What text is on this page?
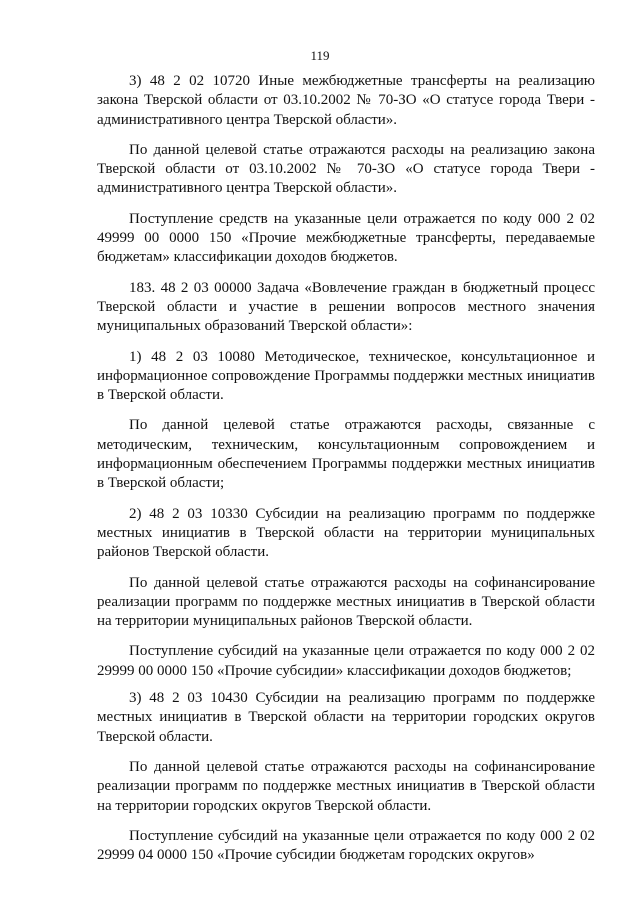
119

3) 48 2 02 10720 Иные межбюджетные трансферты на реализацию закона Тверской области от 03.10.2002 № 70-ЗО «О статусе города Твери - административного центра Тверской области».

По данной целевой статье отражаются расходы на реализацию закона Тверской области от 03.10.2002 № 70-ЗО «О статусе города Твери - административного центра Тверской области».

Поступление средств на указанные цели отражается по коду 000 2 02 49999 00 0000 150 «Прочие межбюджетные трансферты, передаваемые бюджетам» классификации доходов бюджетов.

183. 48 2 03 00000 Задача «Вовлечение граждан в бюджетный процесс Тверской области и участие в решении вопросов местного значения муниципальных образований Тверской области»:

1) 48 2 03 10080 Методическое, техническое, консультационное и информационное сопровождение Программы поддержки местных инициатив в Тверской области.

По данной целевой статье отражаются расходы, связанные с методическим, техническим, консультационным сопровождением и информационным обеспечением Программы поддержки местных инициатив в Тверской области;

2) 48 2 03 10330 Субсидии на реализацию программ по поддержке местных инициатив в Тверской области на территории муниципальных районов Тверской области.

По данной целевой статье отражаются расходы на софинансирование реализации программ по поддержке местных инициатив в Тверской области на территории муниципальных районов Тверской области.

Поступление субсидий на указанные цели отражается по коду 000 2 02 29999 00 0000 150 «Прочие субсидии» классификации доходов бюджетов;

3) 48 2 03 10430 Субсидии на реализацию программ по поддержке местных инициатив в Тверской области на территории городских округов Тверской области.

По данной целевой статье отражаются расходы на софинансирование реализации программ по поддержке местных инициатив в Тверской области на территории городских округов Тверской области.

Поступление субсидий на указанные цели отражается по коду 000 2 02 29999 04 0000 150 «Прочие субсидии бюджетам городских округов»
